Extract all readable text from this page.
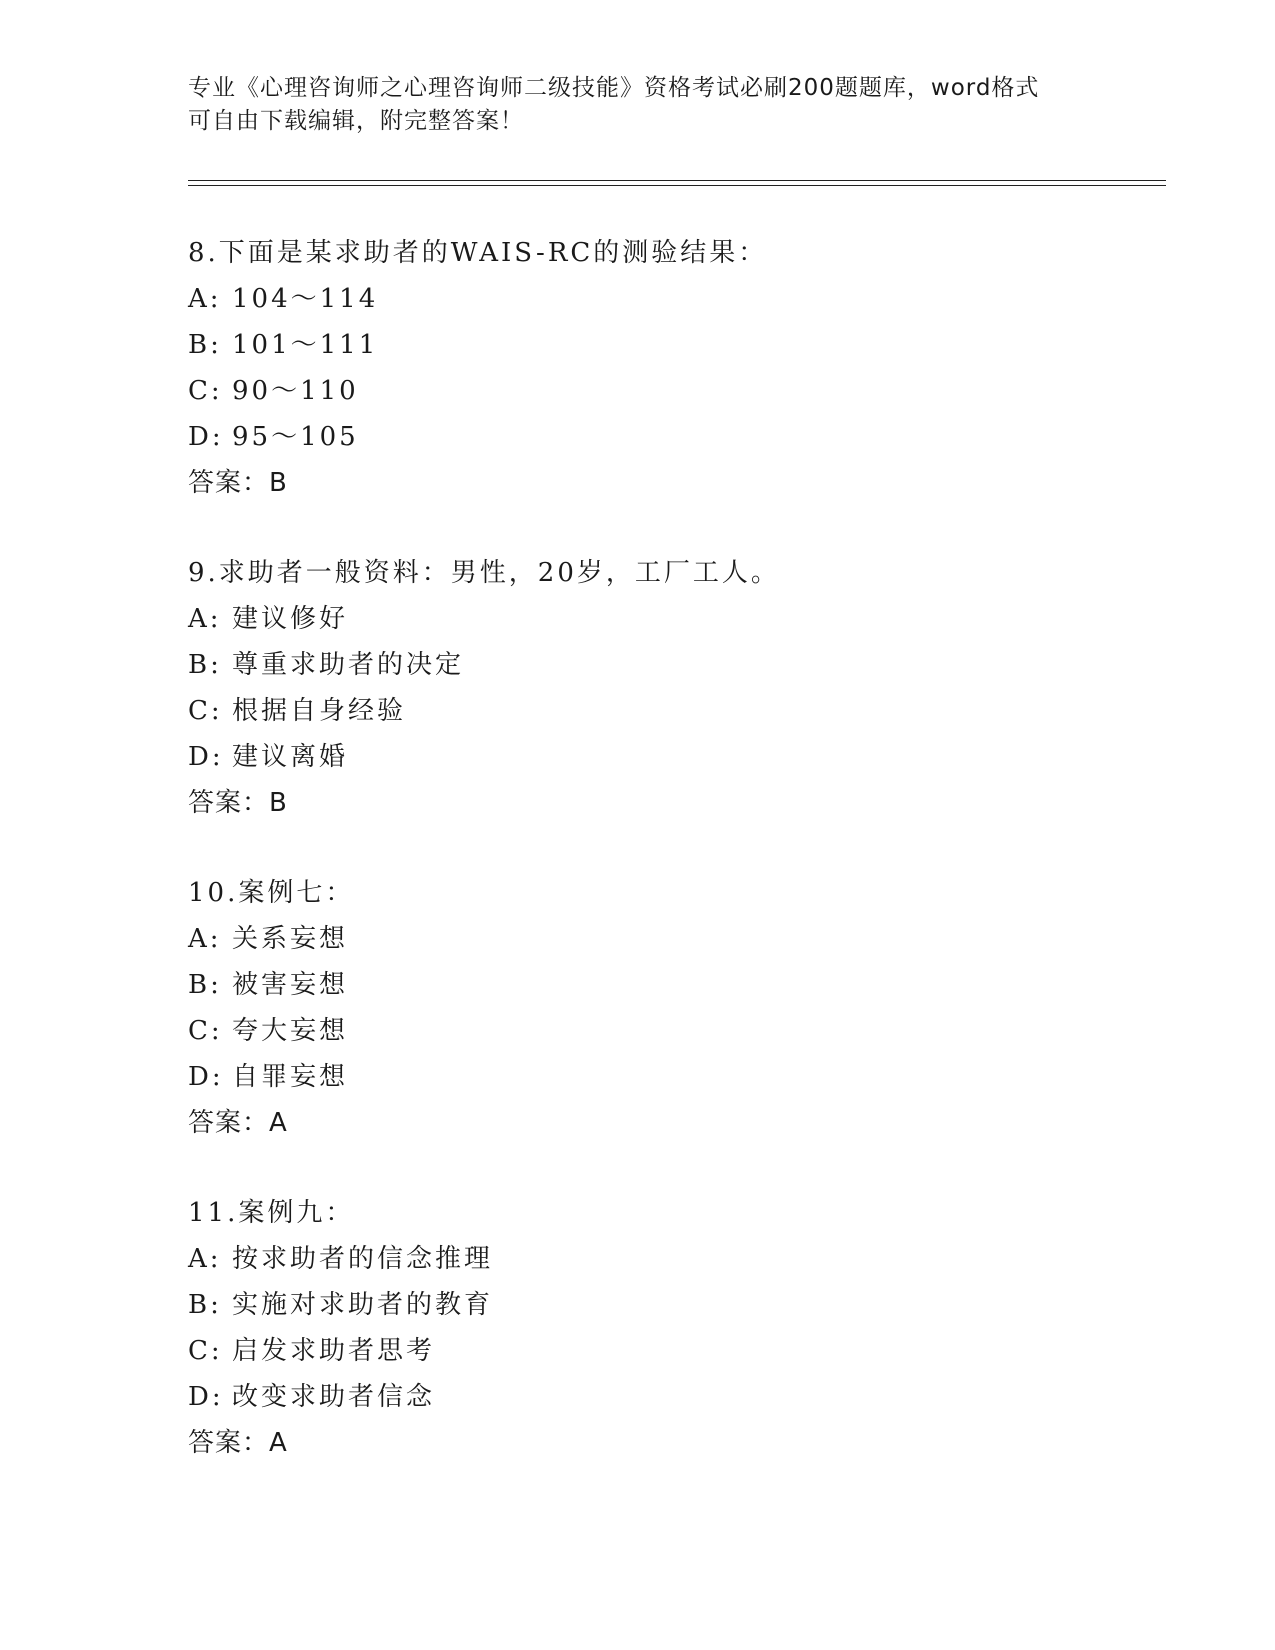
专业《心理咨询师之心理咨询师二级技能》资格考试必刷200题题库，word格式
可自由下载编辑，附完整答案！
8.下面是某求助者的WAIS-RC的测验结果：
A: 104～114
B: 101～111
C: 90～110
D: 95～105
答案：B
9.求助者一般资料：男性，20岁，工厂工人。
A: 建议修好
B: 尊重求助者的决定
C: 根据自身经验
D: 建议离婚
答案：B
10.案例七：
A: 关系妄想
B: 被害妄想
C: 夸大妄想
D: 自罪妄想
答案：A
11.案例九：
A: 按求助者的信念推理
B: 实施对求助者的教育
C: 启发求助者思考
D: 改变求助者信念
答案：A
